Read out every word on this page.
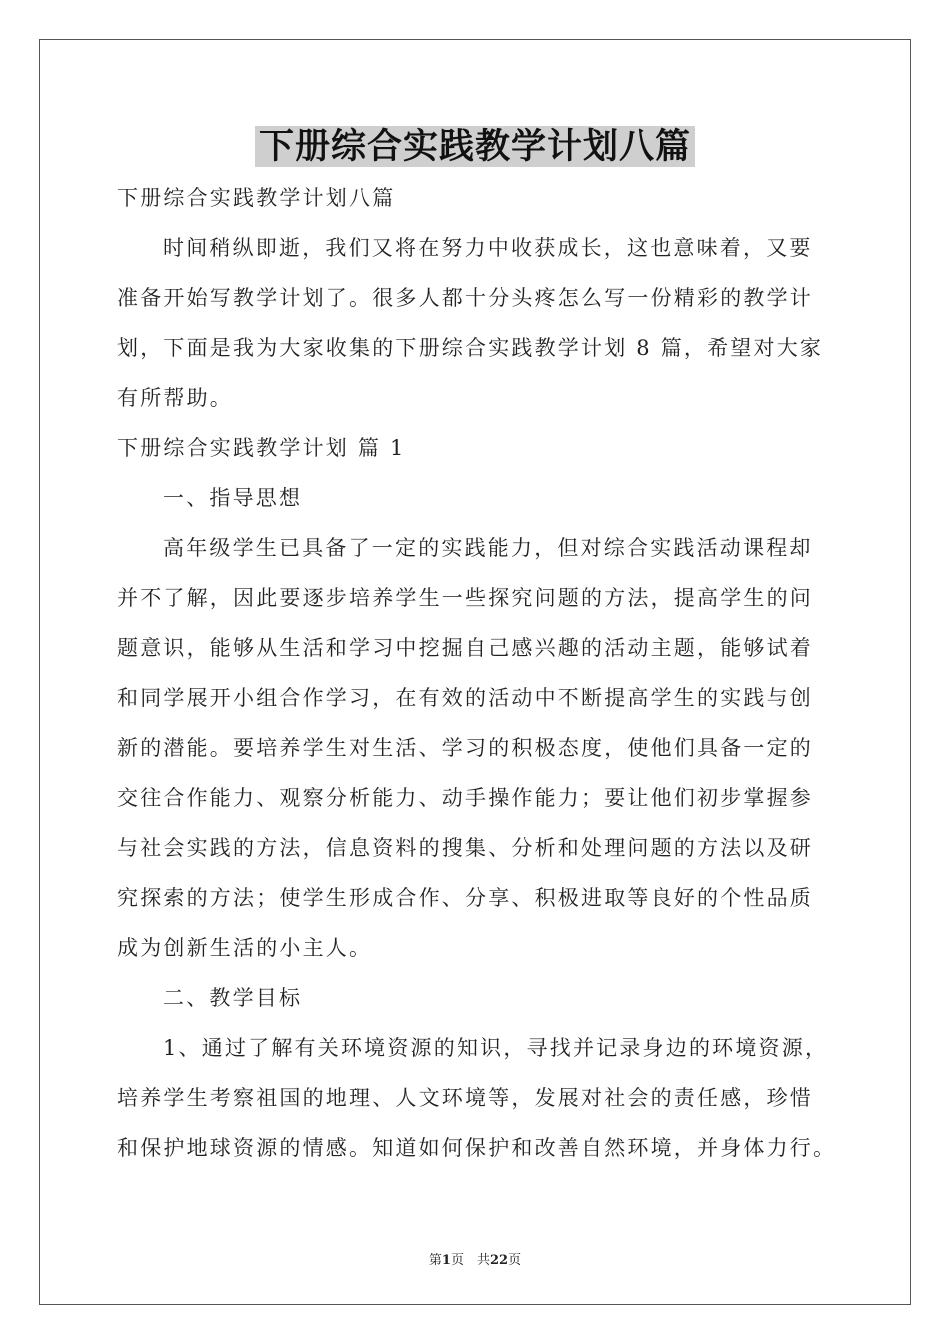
下册综合实践教学计划八篇
下册综合实践教学计划八篇
时间稍纵即逝，我们又将在努力中收获成长，这也意味着，又要
准备开始写教学计划了。很多人都十分头疼怎么写一份精彩的教学计
划，下面是我为大家收集的下册综合实践教学计划 8 篇，希望对大家
有所帮助。
下册综合实践教学计划 篇 1
一、指导思想
高年级学生已具备了一定的实践能力，但对综合实践活动课程却
并不了解，因此要逐步培养学生一些探究问题的方法，提高学生的问
题意识，能够从生活和学习中挖掘自己感兴趣的活动主题，能够试着
和同学展开小组合作学习，在有效的活动中不断提高学生的实践与创
新的潜能。要培养学生对生活、学习的积极态度，使他们具备一定的
交往合作能力、观察分析能力、动手操作能力；要让他们初步掌握参
与社会实践的方法，信息资料的搜集、分析和处理问题的方法以及研
究探索的方法；使学生形成合作、分享、积极进取等良好的个性品质
成为创新生活的小主人。
二、教学目标
1、通过了解有关环境资源的知识，寻找并记录身边的环境资源，
培养学生考察祖国的地理、人文环境等，发展对社会的责任感，珍惜
和保护地球资源的情感。知道如何保护和改善自然环境，并身体力行。
第1页　共22页
